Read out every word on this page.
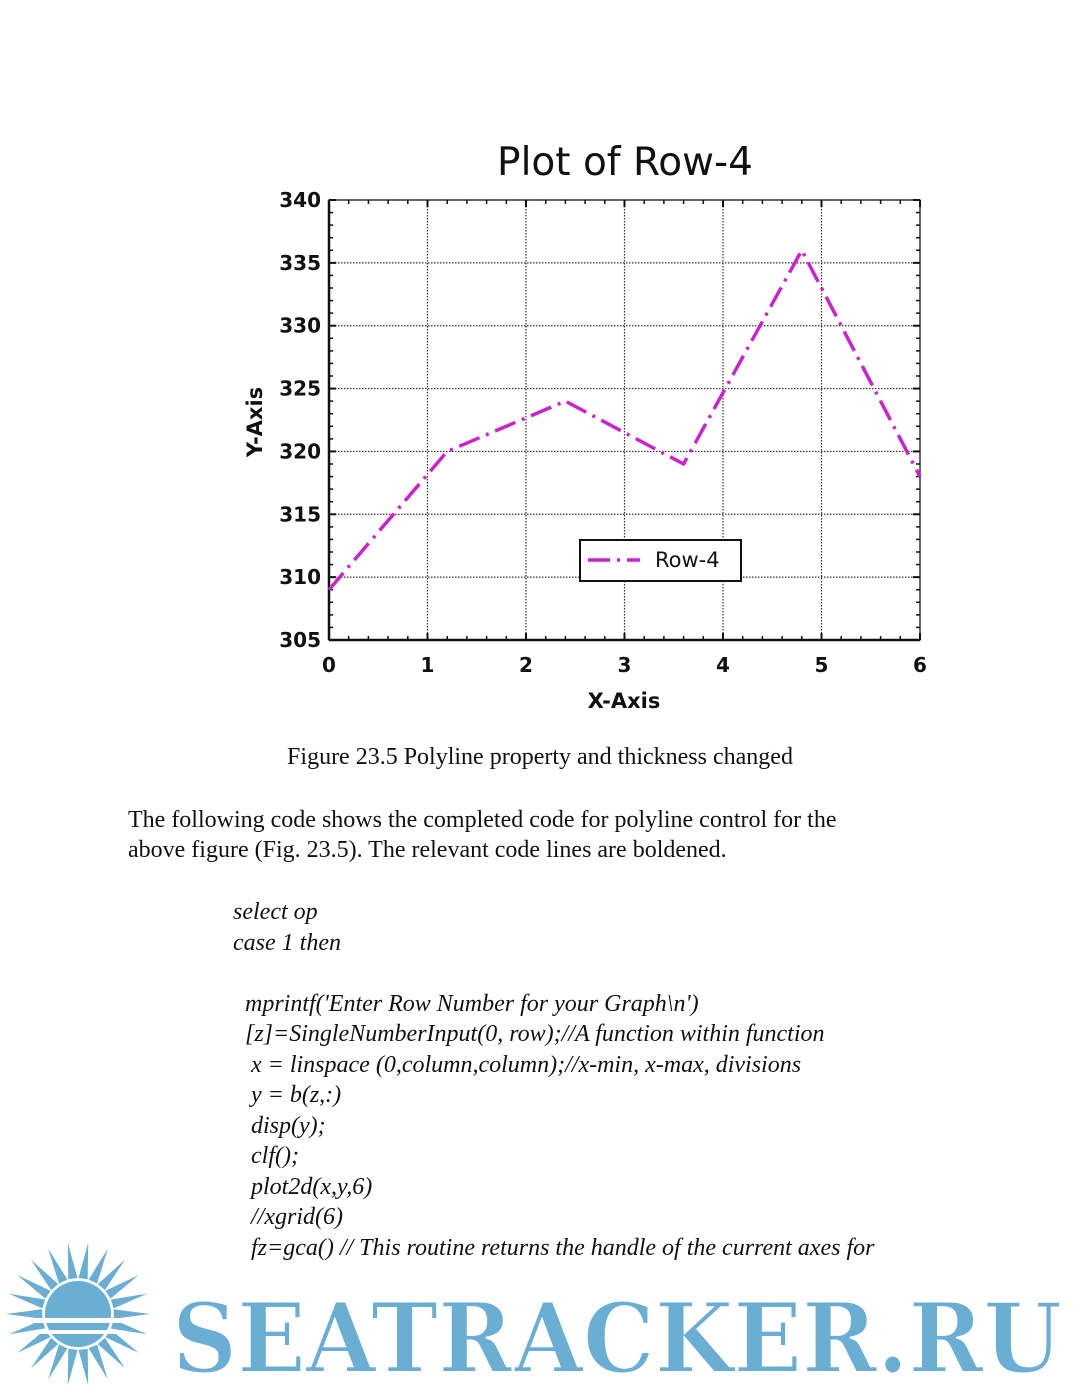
Plot of Row-4
305
310
315
320
325
330
335
340
0	1	2	3	4	5	6
X-Axis
Y-Axis
Row-4
Figure 23.5 Polyline property and thickness changed
The following code shows the completed code for polyline control for the
above figure (Fig. 23.5). The relevant code lines are boldened.
select op
case 1 then
mprintf('Enter Row Number for your Graph\n')
[z]=SingleNumberInput(0, row);//A function within function
x = linspace (0,column,column);//x-min, x-max, divisions
y = b(z,:)
disp(y);
clf();
plot2d(x,y,6)
//xgrid(6)
fz=gca() // This routine returns the handle of the current axes for
SEATRACKER.RU
